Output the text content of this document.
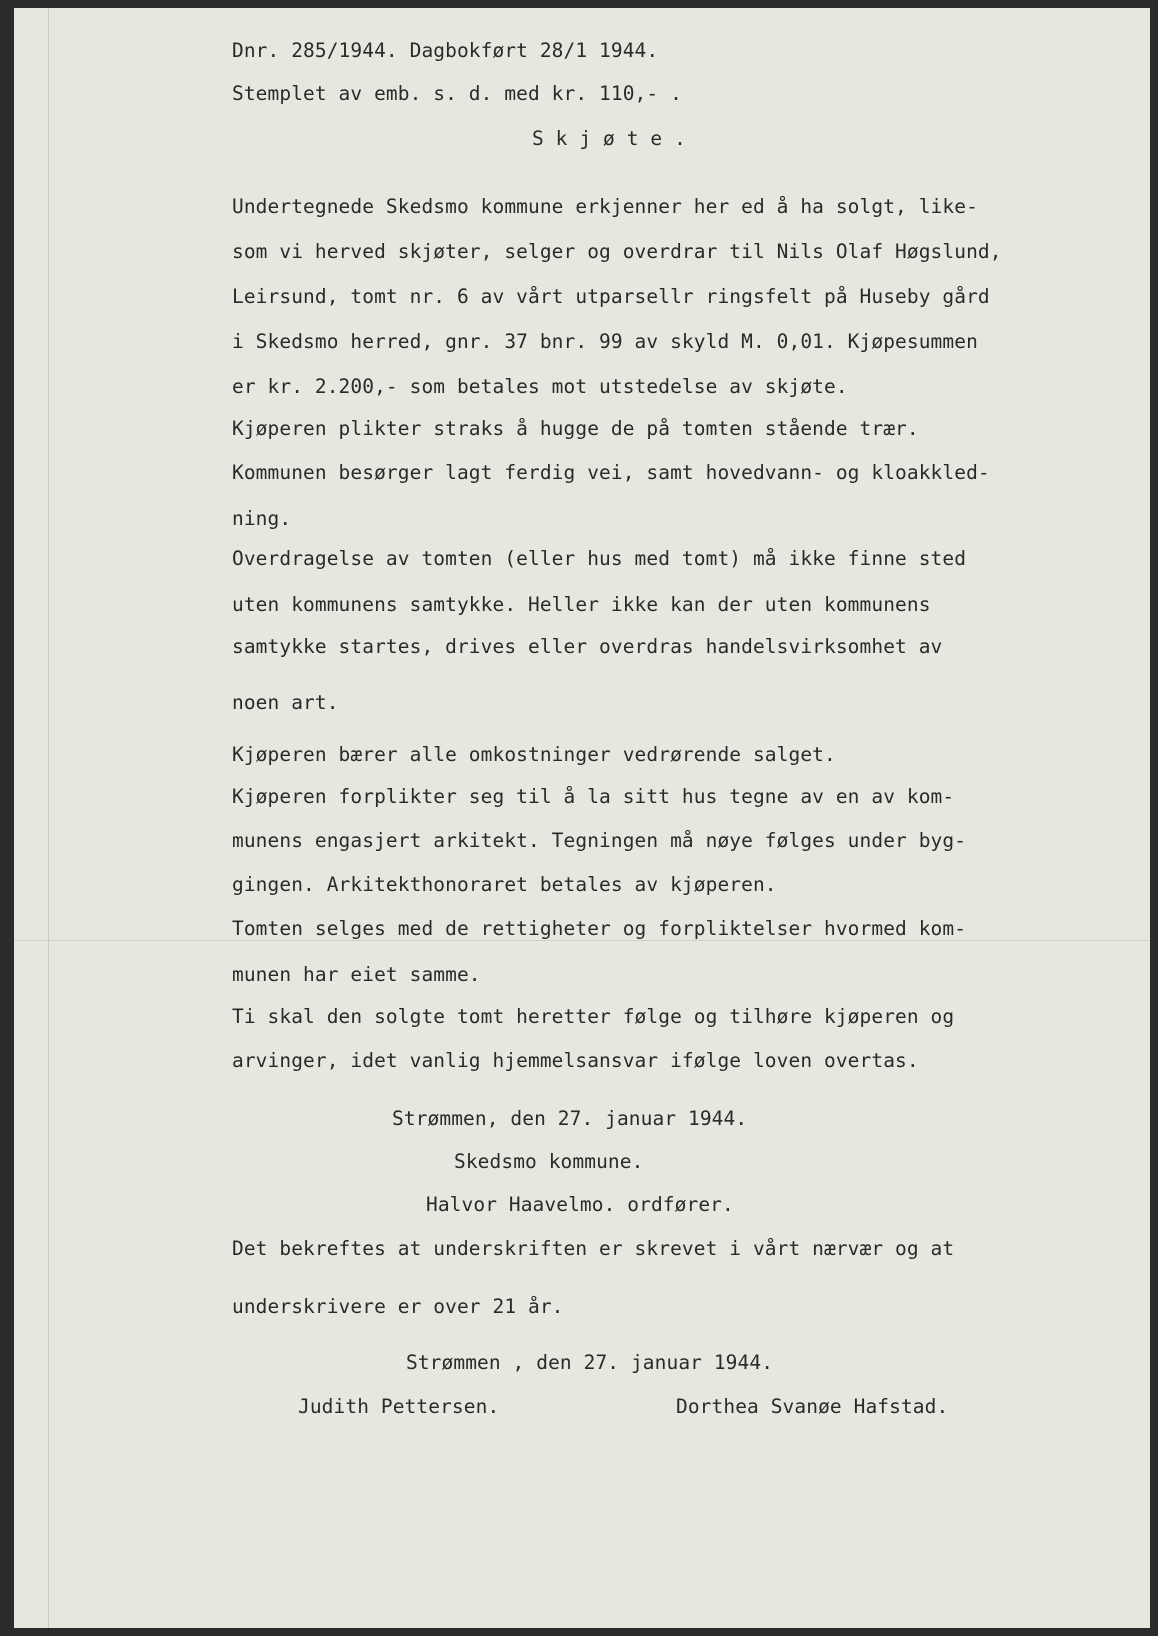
Dnr. 285/1944. Dagbokført 28/1 1944.

Stemplet av emb. s. d. med kr. 110,- .

S k j ø t e .

Undertegnede Skedsmo kommune erkjenner her ed å ha solgt, like-

som vi herved skjøter, selger og overdrar til Nils Olaf Høgslund,

Leirsund, tomt nr. 6 av vårt utparsellr ringsfelt på Huseby gård

i Skedsmo herred, gnr. 37 bnr. 99 av skyld M. 0,01. Kjøpesummen

er kr. 2.200,- som betales mot utstedelse av skjøte.

Kjøperen plikter straks å hugge de på tomten stående trær.

Kommunen besørger lagt ferdig vei, samt hovedvann- og kloakkled-

ning.

Overdragelse av tomten (eller hus med tomt) må ikke finne sted

uten kommunens samtykke. Heller ikke kan der uten kommunens

samtykke startes, drives eller overdras handelsvirksomhet av

noen art.

Kjøperen bærer alle omkostninger vedrørende salget.

Kjøperen forplikter seg til å la sitt hus tegne av en av kom-

munens engasjert arkitekt. Tegningen må nøye følges under byg-

gingen. Arkitekthonoraret betales av kjøperen.

Tomten selges med de rettigheter og forpliktelser hvormed kom-

munen har eiet samme.

Ti skal den solgte tomt heretter følge og tilhøre kjøperen og

arvinger, idet vanlig hjemmelsansvar ifølge loven overtas.

Strømmen, den 27. januar 1944.

Skedsmo kommune.

Halvor Haavelmo. ordfører.

Det bekreftes at underskriften er skrevet i vårt nærvær og at

underskrivere er over 21 år.

Strømmen , den 27. januar 1944.

Judith Pettersen.	Dorthea Svanøe Hafstad.
